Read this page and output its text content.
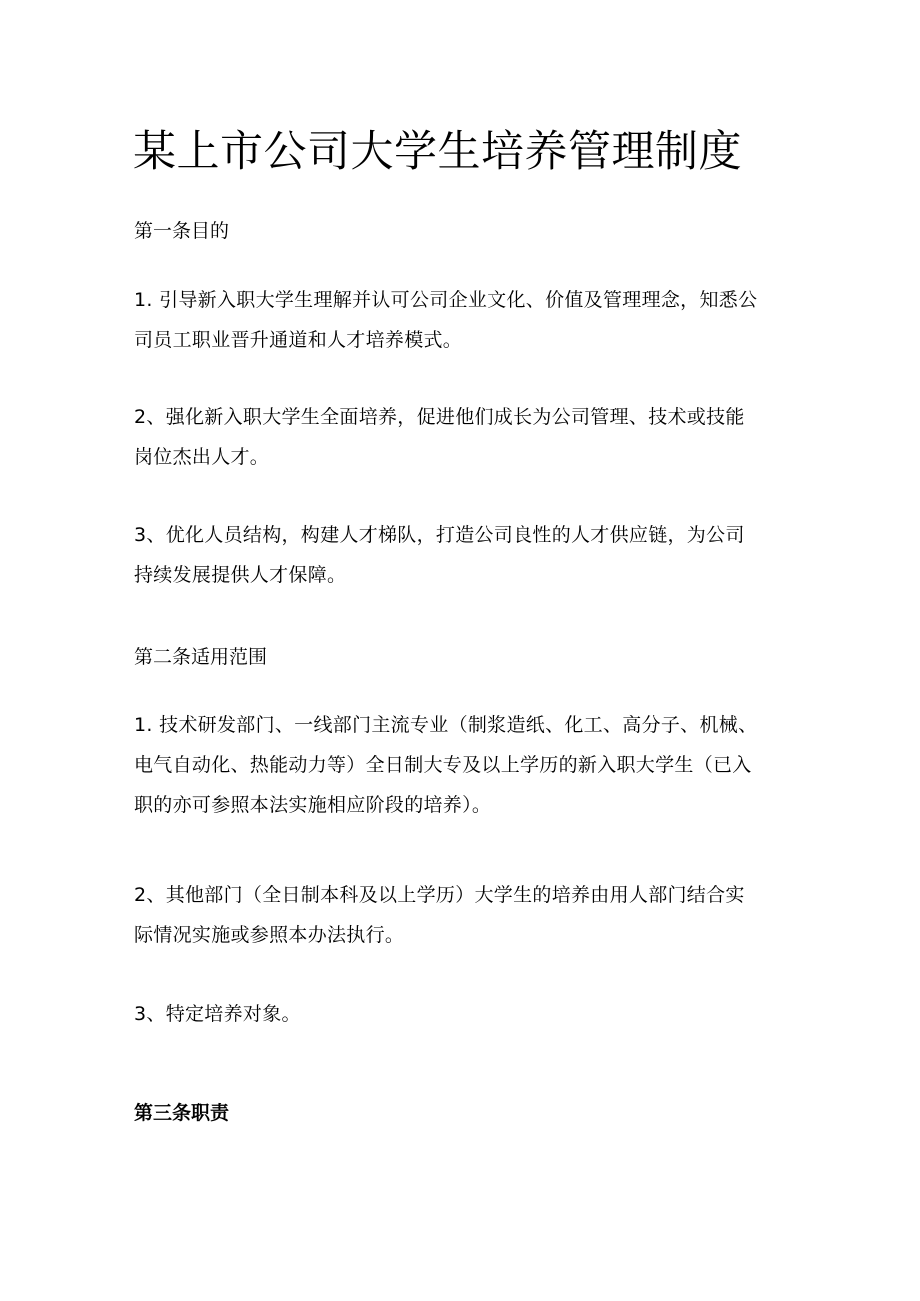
某上市公司大学生培养管理制度
第一条目的

1. 引导新入职大学生理解并认可公司企业文化、价值及管理理念，知悉公
司员工职业晋升通道和人才培养模式。

2、强化新入职大学生全面培养，促进他们成长为公司管理、技术或技能
岗位杰出人才。

3、优化人员结构，构建人才梯队，打造公司良性的人才供应链，为公司
持续发展提供人才保障。

第二条适用范围

1. 技术研发部门、一线部门主流专业（制浆造纸、化工、高分子、机械、
电气自动化、热能动力等）全日制大专及以上学历的新入职大学生（已入
职的亦可参照本法实施相应阶段的培养）。

2、其他部门（全日制本科及以上学历）大学生的培养由用人部门结合实
际情况实施或参照本办法执行。

3、特定培养对象。

第三条职责
